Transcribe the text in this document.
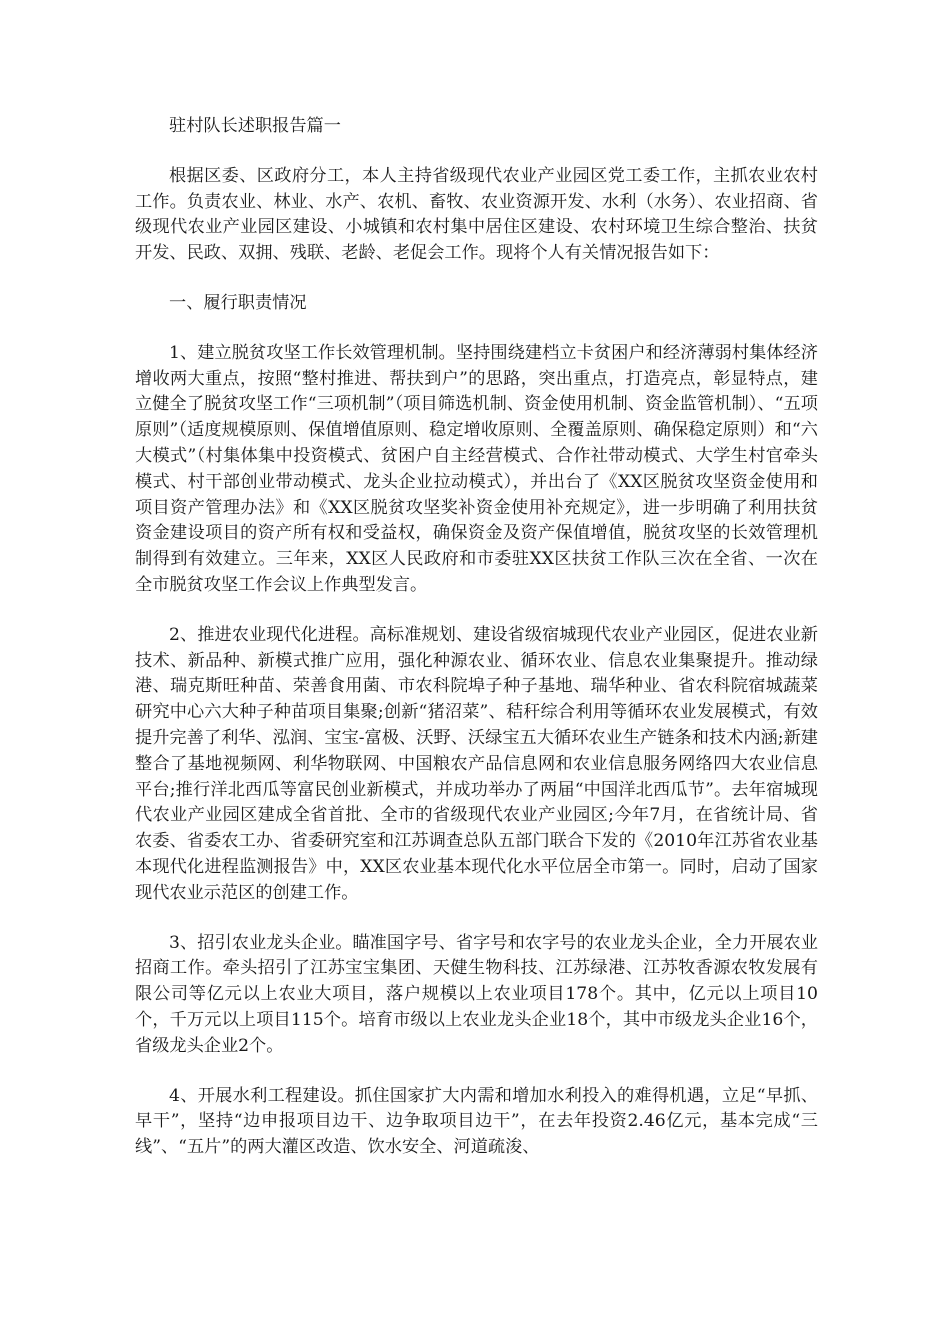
驻村队长述职报告篇一

根据区委、区政府分工，本人主持省级现代农业产业园区党工委工作，主抓农业农村工作。负责农业、林业、水产、农机、畜牧、农业资源开发、水利（水务）、农业招商、省级现代农业产业园区建设、小城镇和农村集中居住区建设、农村环境卫生综合整治、扶贫开发、民政、双拥、残联、老龄、老促会工作。现将个人有关情况报告如下：

一、履行职责情况

1、建立脱贫攻坚工作长效管理机制。坚持围绕建档立卡贫困户和经济薄弱村集体经济增收两大重点，按照“整村推进、帮扶到户”的思路，突出重点，打造亮点，彰显特点，建立健全了脱贫攻坚工作“三项机制”（项目筛选机制、资金使用机制、资金监管机制）、“五项原则”（适度规模原则、保值增值原则、稳定增收原则、全覆盖原则、确保稳定原则）和“六大模式”（村集体集中投资模式、贫困户自主经营模式、合作社带动模式、大学生村官牵头模式、村干部创业带动模式、龙头企业拉动模式），并出台了《XX区脱贫攻坚资金使用和项目资产管理办法》和《XX区脱贫攻坚奖补资金使用补充规定》，进一步明确了利用扶贫资金建设项目的资产所有权和受益权，确保资金及资产保值增值，脱贫攻坚的长效管理机制得到有效建立。三年来，XX区人民政府和市委驻XX区扶贫工作队三次在全省、一次在全市脱贫攻坚工作会议上作典型发言。

2、推进农业现代化进程。高标准规划、建设省级宿城现代农业产业园区，促进农业新技术、新品种、新模式推广应用，强化种源农业、循环农业、信息农业集聚提升。推动绿港、瑞克斯旺种苗、荣善食用菌、市农科院埠子种子基地、瑞华种业、省农科院宿城蔬菜研究中心六大种子种苗项目集聚;创新“猪沼菜”、秸秆综合利用等循环农业发展模式，有效提升完善了利华、泓润、宝宝-富极、沃野、沃绿宝五大循环农业生产链条和技术内涵;新建整合了基地视频网、利华物联网、中国粮农产品信息网和农业信息服务网络四大农业信息平台;推行洋北西瓜等富民创业新模式，并成功举办了两届“中国洋北西瓜节”。去年宿城现代农业产业园区建成全省首批、全市的省级现代农业产业园区;今年7月，在省统计局、省农委、省委农工办、省委研究室和江苏调查总队五部门联合下发的《2010年江苏省农业基本现代化进程监测报告》中，XX区农业基本现代化水平位居全市第一。同时，启动了国家现代农业示范区的创建工作。

3、招引农业龙头企业。瞄准国字号、省字号和农字号的农业龙头企业，全力开展农业招商工作。牵头招引了江苏宝宝集团、天健生物科技、江苏绿港、江苏牧香源农牧发展有限公司等亿元以上农业大项目，落户规模以上农业项目178个。其中，亿元以上项目10个，千万元以上项目115个。培育市级以上农业龙头企业18个，其中市级龙头企业16个，省级龙头企业2个。

4、开展水利工程建设。抓住国家扩大内需和增加水利投入的难得机遇，立足“早抓、早干”，坚持“边申报项目边干、边争取项目边干”，在去年投资2.46亿元，基本完成“三线”、“五片”的两大灌区改造、饮水安全、河道疏浚、
